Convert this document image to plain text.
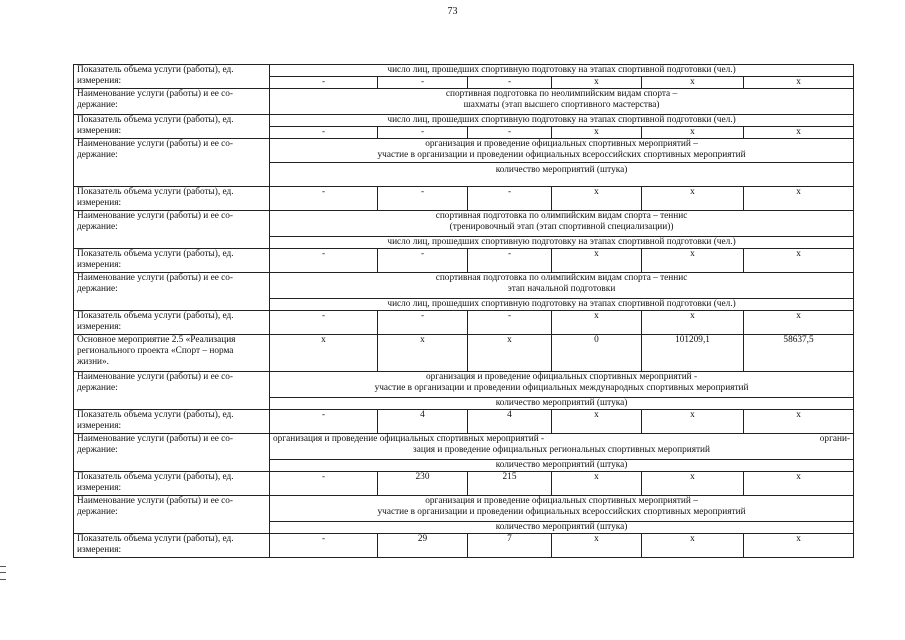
73
Показатель объема услуги (работы), ед. измерения:	число лиц, прошедших спортивную подготовку на этапах спортивной подготовки (чел.)					
	-	-	-	х	х	х
Наименование услуги (работы) и ее со-держание:	спортивная подготовка по неолимпийским видам спорта –
шахматы (этап высшего спортивного мастерства)					

Показатель объема услуги (работы), ед. измерения:	число лиц, прошедших спортивную подготовку на этапах спортивной подготовки (чел.)					
	-	-	-	х	х	х
Наименование услуги (работы) и ее со-держание:	организация и проведение официальных спортивных мероприятий –
участие в организации и проведении официальных всероссийских спортивных мероприятий					

	количество мероприятий (штука)					
Показатель объема услуги (работы), ед. измерения:	-	-	-	х	х	х
Наименование услуги (работы) и ее со-держание:	спортивная подготовка по олимпийским видам спорта – теннис
(тренировочный этап (этап спортивной специализации))					

	число лиц, прошедших спортивную подготовку на этапах спортивной подготовки (чел.)					
Показатель объема услуги (работы), ед. измерения:	-	-	-	х	х	х
Наименование услуги (работы) и ее со-держание:	спортивная подготовка по олимпийским видам спорта – теннис
этап начальной подготовки					

	число лиц, прошедших спортивную подготовку на этапах спортивной подготовки (чел.)					
Показатель объема услуги (работы), ед. измерения:	-	-	-	х	х	х
Основное мероприятие 2.5 «Реализация регионального проекта «Спорт – норма жизни».	х	х	х	0	101209,1	58637,5
Наименование услуги (работы) и ее со-держание:	организация и проведение официальных спортивных мероприятий -
участие в организации и проведении официальных международных спортивных мероприятий					

	количество мероприятий (штука)					
Показатель объема услуги (работы), ед. измерения:	-	4	4	х	х	х
Наименование услуги (работы) и ее со-держание:	организация и проведение официальных спортивных мероприятий - органи-
зация и проведение официальных региональных спортивных мероприятий					

	количество мероприятий (штука)					
Показатель объема услуги (работы), ед. измерения:	-	230	215	х	х	х
Наименование услуги (работы) и ее со-держание:	организация и проведение официальных спортивных мероприятий –
участие в организации и проведении официальных всероссийских спортивных мероприятий					

	количество мероприятий (штука)					
Показатель объема услуги (работы), ед. измерения:	-	29	7	х	х	х
